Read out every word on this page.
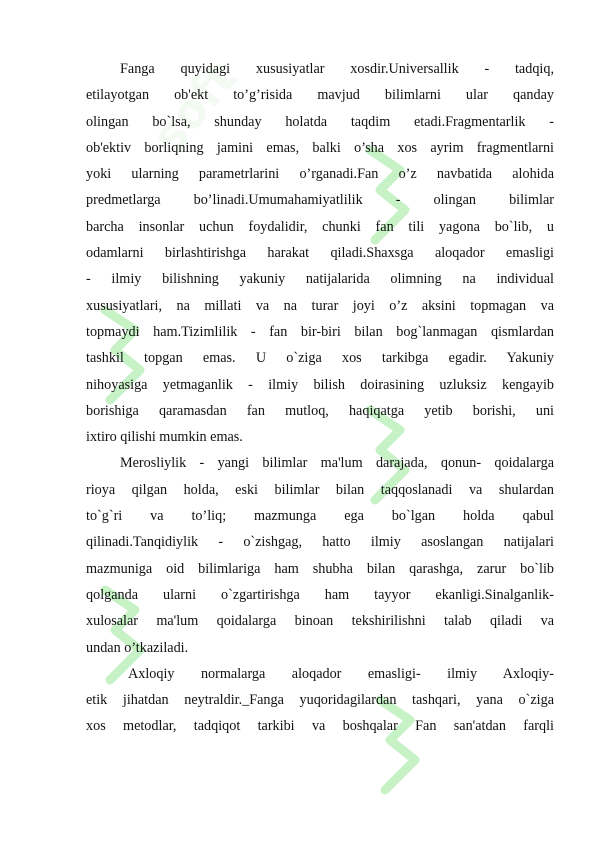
soft

Fanga quyidagi xususiyatlar xosdir.Universallik - tadqiq,
etilayotgan ob'ekt to’g’risida mavjud bilimlarni ular qanday
olingan bo`lsa, shunday holatda taqdim etadi.Fragmentarlik -
ob'ektiv borliqning jamini emas, balki o’sha xos ayrim fragmentlarni
yoki ularning parametrlarini o’rganadi.Fan o’z navbatida alohida
predmetlarga bo’linadi.Umumahamiyatlilik - olingan bilimlar
barcha insonlar uchun foydalidir, chunki fan tili yagona bo`lib, u
odamlarni birlashtirishga harakat qiladi.Shaxsga aloqador emasligi
- ilmiy bilishning yakuniy natijalarida olimning na individual
xususiyatlari, na millati va na turar joyi o’z aksini topmagan va
topmaydi ham.Tizimlilik - fan bir-biri bilan bog`lanmagan qismlardan
tashkil topgan emas. U o`ziga xos tarkibga egadir. Yakuniy
nihoyasiga yetmaganlik - ilmiy bilish doirasining uzluksiz kengayib
borishiga qaramasdan fan mutloq, haqiqatga yetib borishi, uni
ixtiro qilishi mumkin emas.

Merosliylik - yangi bilimlar ma'lum darajada, qonun- qoidalarga
rioya qilgan holda, eski bilimlar bilan taqqoslanadi va shulardan
to`g`ri va to’liq; mazmunga ega bo`lgan holda qabul
qilinadi.Tanqidiylik - o`zishgag, hatto ilmiy asoslangan natijalari
mazmuniga oid bilimlariga ham shubha bilan qarashga, zarur bo`lib
qolganda ularni o`zgartirishga ham tayyor ekanligi.Sinalganlik-
xulosalar ma'lum qoidalarga binoan tekshirilishni talab qiladi va
undan o’tkaziladi.

Axloqiy normalarga aloqador emasligi- ilmiy Axloqiy-
etik jihatdan neytraldir._Fanga yuqoridagilardan tashqari, yana o`ziga
xos metodlar, tadqiqot tarkibi va boshqalar Fan san'atdan farqli
